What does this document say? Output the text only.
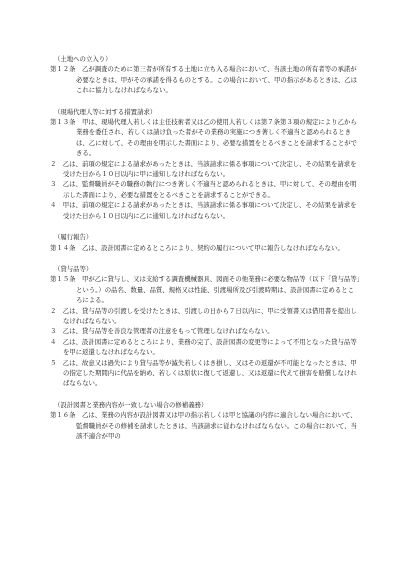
（土地への立入り）

第１２条　 乙が調査のために第三者が所有する土地に立ち入る場合において、当該土地の所有者等の承諾が必要なときは、甲がその承諾を得るものとする。この場合において、甲の指示があるときは、乙はこれに協力しなければならない。

（現場代理人等に対する措置請求）

第１３条　 甲は、現場代理人若しくは主任技術者又は乙の使用人若しくは第７条第３項の規定により乙から業務を委任され、若しくは請け負った者がその業務の実施につき著しく不適当と認められるときは、乙に対して、その理由を明示した書面により、必要な措置をとるべきことを請求することができる。

２　乙は、前項の規定による請求があったときは、当該請求に係る事項について決定し、その結果を請求を受けた日から１０日以内に甲に通知しなければならない。

３　乙は、監督職員がその職務の執行につき著しく不適当と認められるときは、甲に対して、その理由を明示した書面により、必要な措置をとるべきことを請求することができる。

４　甲は、前項の規定による請求があったときは、当該請求に係る事項について決定し、その結果を請求を受けた日から１０日以内に乙に通知しなければならない。

（履行報告）

第１４条　 乙は、設計図書に定めるところにより、契約の履行について甲に報告しなければならない。

（貸与品等）

第１５条　 甲が乙に貸与し、又は支給する調査機械器具、図面その他業務に必要な物品等（以下「貸与品等」という。）の品名、数量、品質、規格又は性能、引渡場所及び引渡時期は、設計図書に定めるところによる。

２　乙は、貸与品等の引渡しを受けたときは、引渡しの日から７日以内に、甲に受領書又は借用書を提出しなければならない。

３　乙は、貸与品等を善良な管理者の注意をもって管理しなければならない。

４　乙は、設計図書に定めるところにより、業務の完了、設計図書の変更等によって不用となった貸与品等を甲に返還しなければならない。

５　乙は、故意又は過失により貸与品等が滅失若しくはき損し、又はその返還が不可能となったときは、甲の指定した期間内に代品を納め、若しくは原状に復して返還し、又は返還に代えて損害を賠償しなければならない。

（設計図書と業務内容が一致しない場合の修補義務）

第１６条　 乙は、業務の内容が設計図書又は甲の指示若しくは甲と協議の内容に適合しない場合において、監督職員がその修補を請求したときは、当該請求に従わなければならない。この場合において、当該不適合が甲の
